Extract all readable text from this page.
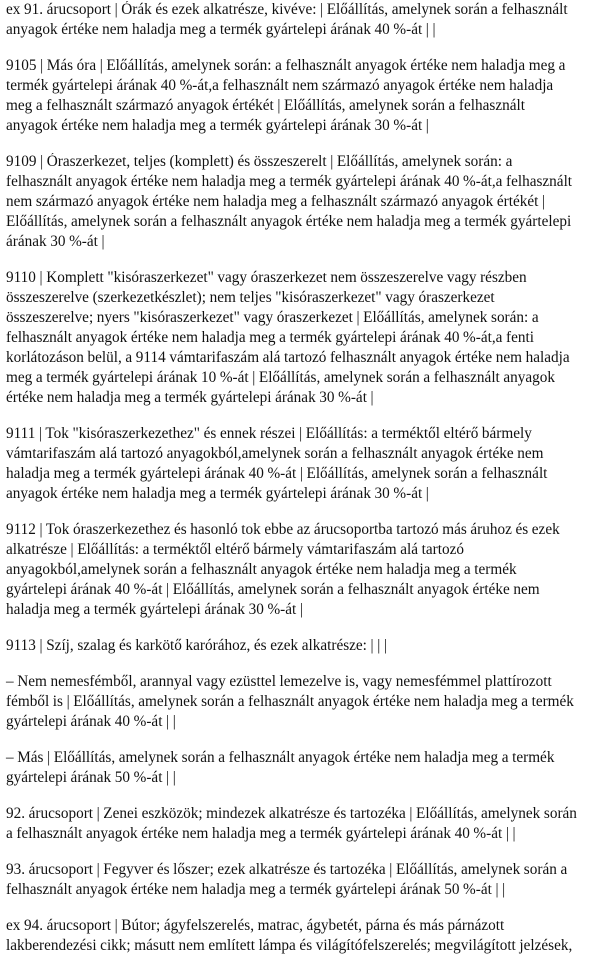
ex 91. árucsoport | Órák és ezek alkatrésze, kivéve: | Előállítás, amelynek során a felhasznált
anyagok értéke nem haladja meg a termék gyártelepi árának 40 %-át | |

9105 | Más óra | Előállítás, amelynek során: a felhasznált anyagok értéke nem haladja meg a
termék gyártelepi árának 40 %-át,a felhasznált nem származó anyagok értéke nem haladja
meg a felhasznált származó anyagok értékét | Előállítás, amelynek során a felhasznált
anyagok értéke nem haladja meg a termék gyártelepi árának 30 %-át |

9109 | Óraszerkezet, teljes (komplett) és összeszerelt | Előállítás, amelynek során: a
felhasznált anyagok értéke nem haladja meg a termék gyártelepi árának 40 %-át,a felhasznált
nem származó anyagok értéke nem haladja meg a felhasznált származó anyagok értékét |
Előállítás, amelynek során a felhasznált anyagok értéke nem haladja meg a termék gyártelepi
árának 30 %-át |

9110 | Komplett "kisóraszerkezet" vagy óraszerkezet nem összeszerelve vagy részben
összeszerelve (szerkezetkészlet); nem teljes "kisóraszerkezet" vagy óraszerkezet
összeszerelve; nyers "kisóraszerkezet" vagy óraszerkezet | Előállítás, amelynek során: a
felhasznált anyagok értéke nem haladja meg a termék gyártelepi árának 40 %-át,a fenti
korlátozáson belül, a 9114 vámtarifaszám alá tartozó felhasznált anyagok értéke nem haladja
meg a termék gyártelepi árának 10 %-át | Előállítás, amelynek során a felhasznált anyagok
értéke nem haladja meg a termék gyártelepi árának 30 %-át |

9111 | Tok "kisóraszerkezethez" és ennek részei | Előállítás: a terméktől eltérő bármely
vámtarifaszám alá tartozó anyagokból,amelynek során a felhasznált anyagok értéke nem
haladja meg a termék gyártelepi árának 40 %-át | Előállítás, amelynek során a felhasznált
anyagok értéke nem haladja meg a termék gyártelepi árának 30 %-át |

9112 | Tok óraszerkezethez és hasonló tok ebbe az árucsoportba tartozó más áruhoz és ezek
alkatrésze | Előállítás: a terméktől eltérő bármely vámtarifaszám alá tartozó
anyagokból,amelynek során a felhasznált anyagok értéke nem haladja meg a termék
gyártelepi árának 40 %-át | Előállítás, amelynek során a felhasznált anyagok értéke nem
haladja meg a termék gyártelepi árának 30 %-át |

9113 | Szíj, szalag és karkötő karórához, és ezek alkatrésze: | | |

– Nem nemesfémből, arannyal vagy ezüsttel lemezelve is, vagy nemesfémmel plattírozott
fémből is | Előállítás, amelynek során a felhasznált anyagok értéke nem haladja meg a termék
gyártelepi árának 40 %-át | |

– Más | Előállítás, amelynek során a felhasznált anyagok értéke nem haladja meg a termék
gyártelepi árának 50 %-át | |

92. árucsoport | Zenei eszközök; mindezek alkatrésze és tartozéka | Előállítás, amelynek során
a felhasznált anyagok értéke nem haladja meg a termék gyártelepi árának 40 %-át | |

93. árucsoport | Fegyver és lőszer; ezek alkatrésze és tartozéka | Előállítás, amelynek során a
felhasznált anyagok értéke nem haladja meg a termék gyártelepi árának 50 %-át | |

ex 94. árucsoport | Bútor; ágyfelszerelés, matrac, ágybetét, párna és más párnázott
lakberendezési cikk; másutt nem említett lámpa és világítófelszerelés; megvilágított jelzések,
